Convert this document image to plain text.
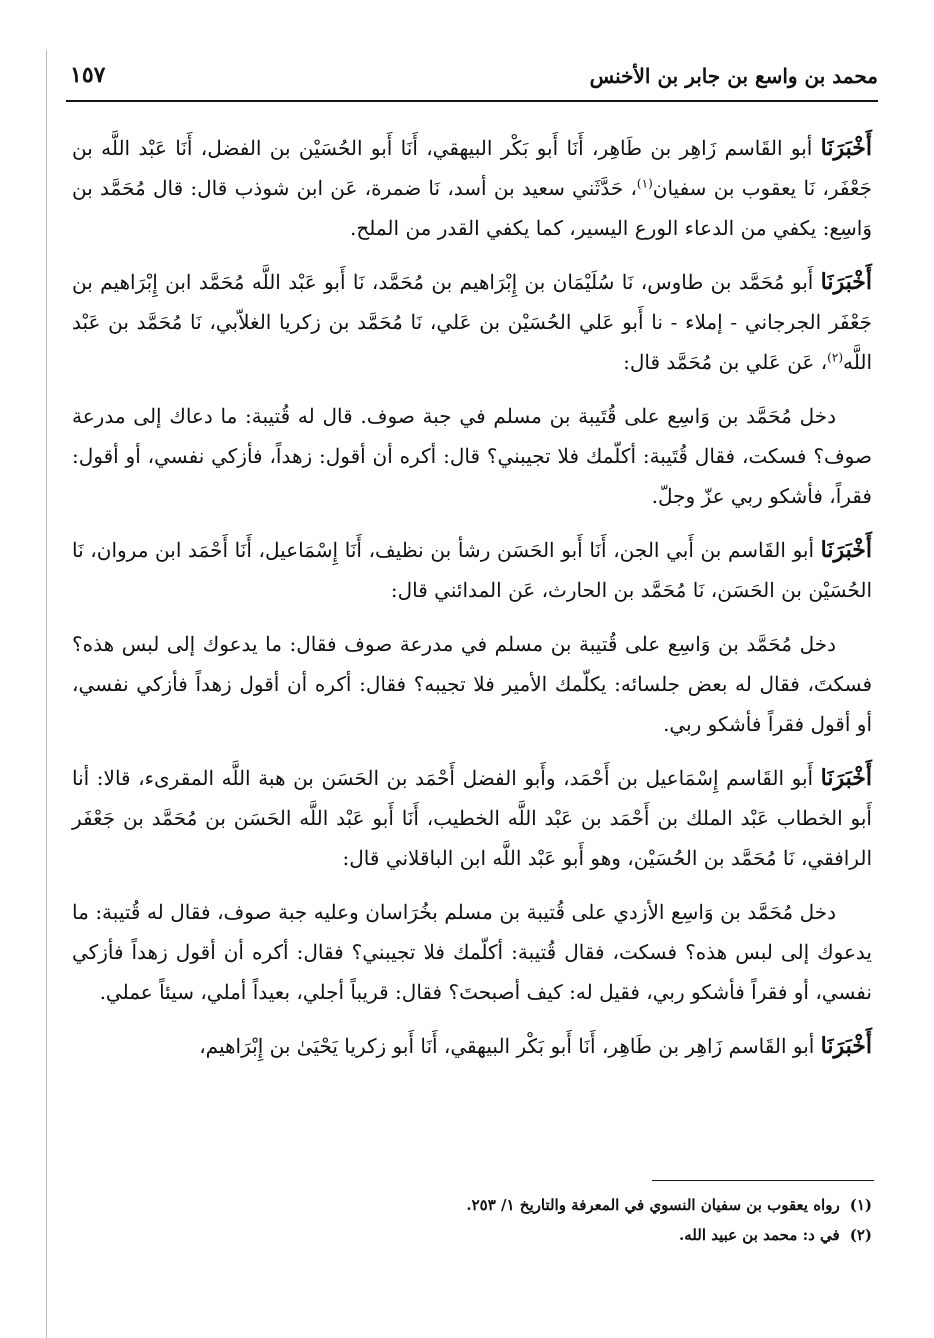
محمد بن واسع بن جابر بن الأخنس
١٥٧

أَخْبَرَنَا أبو القَاسم زَاهِر بن طَاهِر، أَنَا أَبو بَكْر البيهقي، أَنَا أَبو الحُسَيْن بن الفضل، أَنَا عَبْد اللَّه بن جَعْفَر، نَا يعقوب بن سفيان$^{(١)}$، حَدَّثَني سعيد بن أسد، نَا ضمرة، عَن ابن شوذب قال: قال مُحَمَّد بن وَاسِع: يكفي من الدعاء الورع اليسير، كما يكفي القدر من الملح.

أَخْبَرَنَا أَبو مُحَمَّد بن طاوس، نَا سُلَيْمَان بن إِبْرَاهيم بن مُحَمَّد، نَا أَبو عَبْد اللَّه مُحَمَّد ابن إِبْرَاهيم بن جَعْفَر الجرجاني - إملاء - نا أَبو عَلي الحُسَيْن بن عَلي، نَا مُحَمَّد بن زكريا الغلاّبي، نَا مُحَمَّد بن عَبْد اللَّه$^{(٢)}$، عَن عَلي بن مُحَمَّد قال:

دخل مُحَمَّد بن وَاسِع على قُتَيبة بن مسلم في جبة صوف. قال له قُتيبة: ما دعاك إلى مدرعة صوف؟ فسكت، فقال قُتَيبة: أكلّمك فلا تجيبني؟ قال: أكره أن أقول: زهداً، فأزكي نفسي، أو أقول: فقراً، فأشكو ربي عزّ وجلّ.

أَخْبَرَنَا أبو القَاسم بن أَبي الجن، أَنَا أَبو الحَسَن رشأ بن نظيف، أَنَا إِسْمَاعيل، أَنَا أَحْمَد ابن مروان، نَا الحُسَيْن بن الحَسَن، نَا مُحَمَّد بن الحارث، عَن المدائني قال:

دخل مُحَمَّد بن وَاسِع على قُتيبة بن مسلم في مدرعة صوف فقال: ما يدعوك إلى لبس هذه؟ فسكتَ، فقال له بعض جلسائه: يكلّمك الأمير فلا تجيبه؟ فقال: أكره أن أقول زهداً فأزكي نفسي، أو أقول فقراً فأشكو ربي.

أَخْبَرَنَا أَبو القَاسم إِسْمَاعيل بن أَحْمَد، وأَبو الفضل أَحْمَد بن الحَسَن بن هبة اللَّه المقرىء، قالا: أنا أَبو الخطاب عَبْد الملك بن أَحْمَد بن عَبْد اللَّه الخطيب، أَنَا أَبو عَبْد اللَّه الحَسَن بن مُحَمَّد بن جَعْفَر الرافقي، نَا مُحَمَّد بن الحُسَيْن، وهو أَبو عَبْد اللَّه ابن الباقلاني قال:

دخل مُحَمَّد بن وَاسِع الأزدي على قُتيبة بن مسلم بخُرَاسان وعليه جبة صوف، فقال له قُتيبة: ما يدعوك إلى لبس هذه؟ فسكت، فقال قُتيبة: أكلّمك فلا تجيبني؟ فقال: أكره أن أقول زهداً فأزكي نفسي، أو فقراً فأشكو ربي، فقيل له: كيف أصبحتَ؟ فقال: قريباً أجلي، بعيداً أملي، سيئاً عملي.

أَخْبَرَنَا أبو القَاسم زَاهِر بن طَاهِر، أَنَا أَبو بَكْر البيهقي، أَنَا أَبو زكريا يَحْيَىٰ بن إِبْرَاهيم،

(١)رواه يعقوب بن سفيان النسوي في المعرفة والتاريخ ١/ ٢٥٣.

(٢)في د: محمد بن عبيد الله.
